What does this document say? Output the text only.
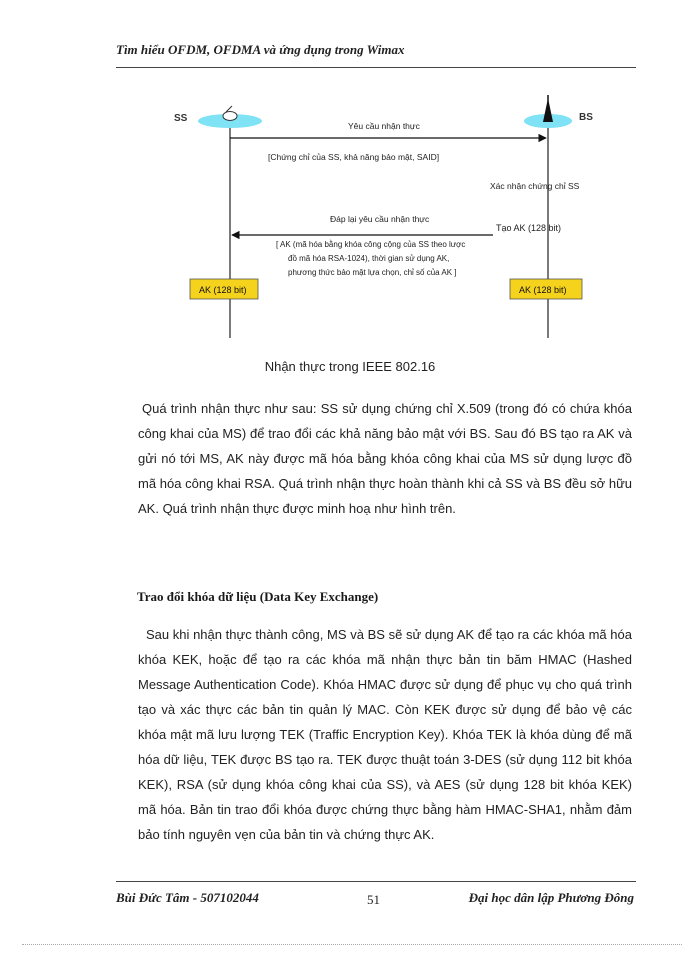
Tìm hiểu OFDM, OFDMA và ứng dụng trong Wimax
SS	BS
Yêu cầu nhận thực
[Chứng chỉ của SS, khả năng bảo mật, SAID]
Xác nhận chứng chỉ SS
Tạo AK (128 bit)
Đáp lại yêu cầu nhận thực
[ AK (mã hóa bằng khóa công cộng của SS theo lược
đồ mã hóa RSA-1024), thời gian sử dụng AK,
phương thức bảo mật lựa chọn, chỉ số của AK ]
AK (128 bit)	AK (128 bit)
Nhận thực trong IEEE 802.16
Quá trình nhận thực như sau: SS sử dụng chứng chỉ X.509 (trong đó có chứa khóa công khai của MS) để trao đổi các khả năng bảo mật với BS. Sau đó BS tạo ra AK và gửi nó tới MS, AK này được mã hóa bằng khóa công khai của MS sử dụng lược đồ mã hóa công khai RSA. Quá trình nhận thực hoàn thành khi cả SS và BS đều sở hữu AK. Quá trình nhận thực được minh hoạ như hình trên.
Trao đổi khóa dữ liệu (Data Key Exchange)
Sau khi nhận thực thành công, MS và BS sẽ sử dụng AK để tạo ra các khóa mã hóa khóa KEK, hoặc để tạo ra các khóa mã nhận thực bản tin băm HMAC (Hashed Message Authentication Code). Khóa HMAC được sử dụng để phục vụ cho quá trình tạo và xác thực các bản tin quản lý MAC. Còn KEK được sử dụng để bảo vệ các khóa mật mã lưu lượng TEK (Traffic Encryption Key). Khóa TEK là khóa dùng để mã hóa dữ liệu, TEK được BS tạo ra. TEK được thuật toán 3-DES (sử dụng 112 bit khóa KEK), RSA (sử dụng khóa công khai của SS), và AES (sử dụng 128 bit khóa KEK) mã hóa. Bản tin trao đổi khóa được chứng thực bằng hàm HMAC-SHA1, nhằm đảm bảo tính nguyên vẹn của bản tin và chứng thực AK.
Bùi Đức Tâm - 507102044	51	Đại học dân lập Phương Đông
